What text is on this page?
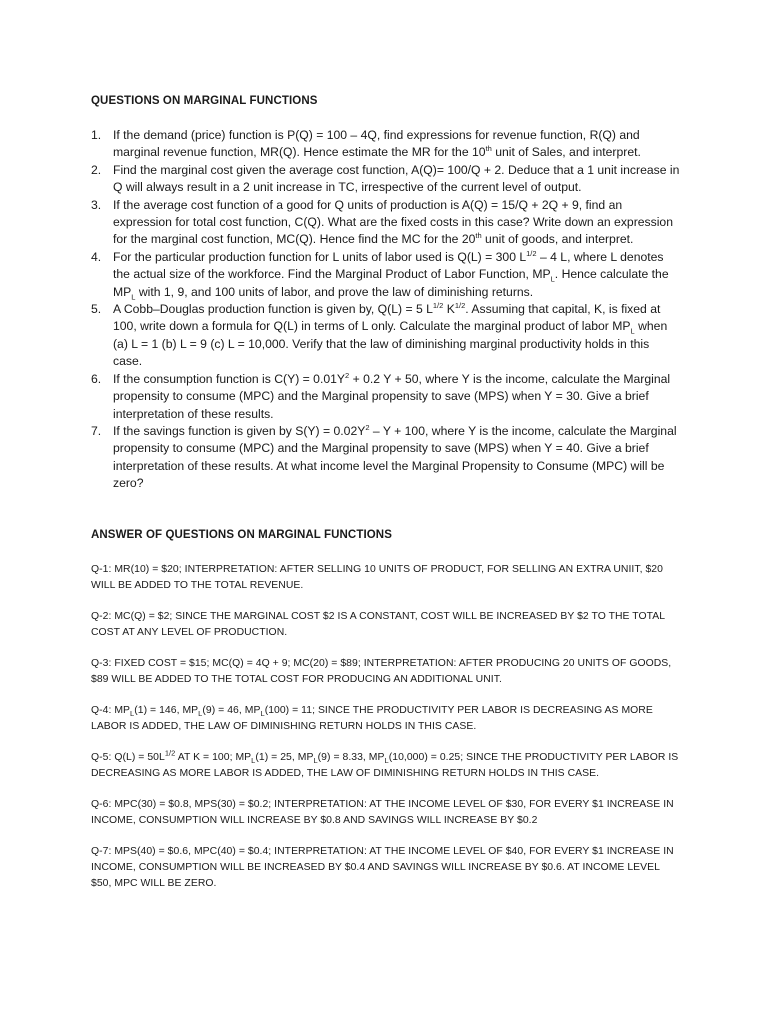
QUESTIONS ON MARGINAL FUNCTIONS
1. If the demand (price) function is P(Q) = 100 – 4Q, find expressions for revenue function, R(Q) and marginal revenue function, MR(Q). Hence estimate the MR for the 10th unit of Sales, and interpret.
2. Find the marginal cost given the average cost function, A(Q)= 100/Q + 2. Deduce that a 1 unit increase in Q will always result in a 2 unit increase in TC, irrespective of the current level of output.
3. If the average cost function of a good for Q units of production is A(Q) = 15/Q + 2Q + 9, find an expression for total cost function, C(Q). What are the fixed costs in this case? Write down an expression for the marginal cost function, MC(Q). Hence find the MC for the 20th unit of goods, and interpret.
4. For the particular production function for L units of labor used is Q(L) = 300 $L^{1/2} - 4$ L, where L denotes the actual size of the workforce. Find the Marginal Product of Labor Function, $MP_L$. Hence calculate the $MP_L$ with 1, 9, and 100 units of labor, and prove the law of diminishing returns.
5. A Cobb–Douglas production function is given by, Q(L) = 5 $L^{1/2}$ $K^{1/2}$. Assuming that capital, K, is fixed at 100, write down a formula for Q(L) in terms of L only. Calculate the marginal product of labor $MP_L$ when (a) L = 1 (b) L = 9 (c) L = 10,000. Verify that the law of diminishing marginal productivity holds in this case.
6. If the consumption function is $C(Y) = 0.01Y^2 + 0.2$ Y + 50, where Y is the income, calculate the Marginal propensity to consume (MPC) and the Marginal propensity to save (MPS) when Y = 30. Give a brief interpretation of these results.
7. If the savings function is given by $S(Y) = 0.02Y^2 - Y + 100$, where Y is the income, calculate the Marginal propensity to consume (MPC) and the Marginal propensity to save (MPS) when Y = 40. Give a brief interpretation of these results. At what income level the Marginal Propensity to Consume (MPC) will be zero?
ANSWER OF QUESTIONS ON MARGINAL FUNCTIONS

Q-1: MR(10) = $20; INTERPRETATION: AFTER SELLING 10 UNITS OF PRODUCT, FOR SELLING AN EXTRA UNIIT, $20 WILL BE ADDED TO THE TOTAL REVENUE.

Q-2: MC(Q) = $2; SINCE THE MARGINAL COST $2 IS A CONSTANT, COST WILL BE INCREASED BY $2 TO THE TOTAL COST AT ANY LEVEL OF PRODUCTION.

Q-3: FIXED COST = $15; MC(Q) = 4Q + 9; MC(20) = $89; INTERPRETATION: AFTER PRODUCING 20 UNITS OF GOODS, $89 WILL BE ADDED TO THE TOTAL COST FOR PRODUCING AN ADDITIONAL UNIT.

Q-4: $MP_L(1) = 146$, $MP_L(9) = 46$, $MP_L(100) = 11$; SINCE THE PRODUCTIVITY PER LABOR IS DECREASING AS MORE LABOR IS ADDED, THE LAW OF DIMINISHING RETURN HOLDS IN THIS CASE.

Q-5: $Q(L) = 50L^{1/2}$ AT K = 100; $MP_L(1) = 25$, $MP_L(9) = 8.33$, $MP_L(10,000) = 0.25$; SINCE THE PRODUCTIVITY PER LABOR IS DECREASING AS MORE LABOR IS ADDED, THE LAW OF DIMINISHING RETURN HOLDS IN THIS CASE.

Q-6: MPC(30) = $0.8, MPS(30) = $0.2; INTERPRETATION: AT THE INCOME LEVEL OF $30, FOR EVERY $1 INCREASE IN INCOME, CONSUMPTION WILL INCREASE BY $0.8 AND SAVINGS WILL INCREASE BY $0.2

Q-7: MPS(40) = $0.6, MPC(40) = $0.4; INTERPRETATION: AT THE INCOME LEVEL OF $40, FOR EVERY $1 INCREASE IN INCOME, CONSUMPTION WILL BE INCREASED BY $0.4 AND SAVINGS WILL INCREASE BY $0.6. AT INCOME LEVEL $50, MPC WILL BE ZERO.
